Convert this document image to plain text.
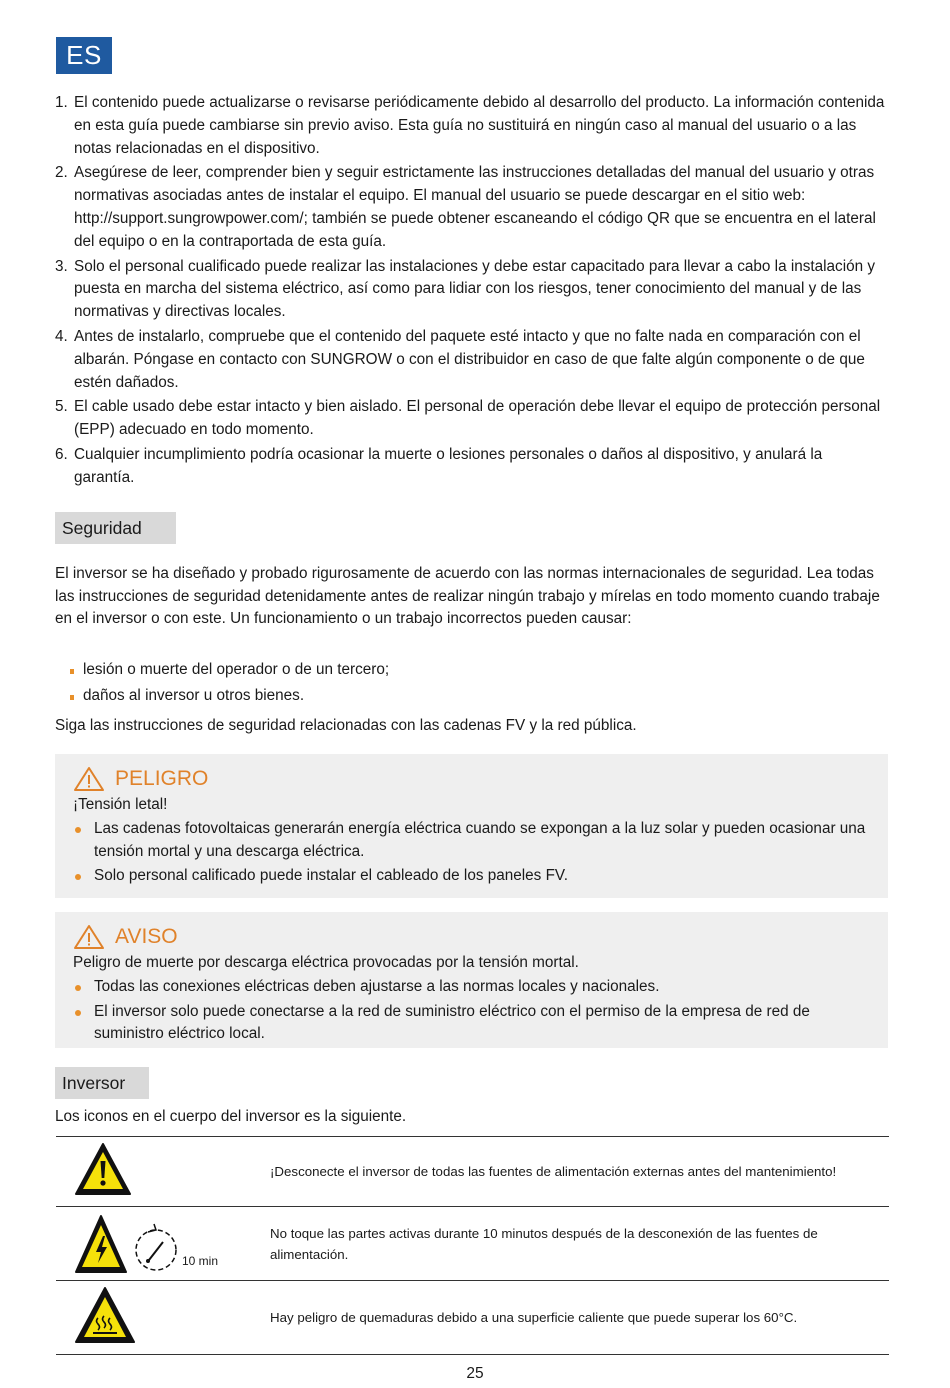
ES
1. El contenido puede actualizarse o revisarse periódicamente debido al desarrollo del producto. La información contenida en esta guía puede cambiarse sin previo aviso. Esta guía no sustituirá en ningún caso al manual del usuario o a las notas relacionadas en el dispositivo.
2. Asegúrese de leer, comprender bien y seguir estrictamente las instrucciones detalladas del manual del usuario y otras normativas asociadas antes de instalar el equipo. El manual del usuario se puede descargar en el sitio web: http://support.sungrowpower.com/; también se puede obtener escaneando el código QR que se encuentra en el lateral del equipo o en la contraportada de esta guía.
3. Solo el personal cualificado puede realizar las instalaciones y debe estar capacitado para llevar a cabo la instalación y puesta en marcha del sistema eléctrico, así como para lidiar con los riesgos, tener conocimiento del manual y de las normativas y directivas locales.
4. Antes de instalarlo, compruebe que el contenido del paquete esté intacto y que no falte nada en comparación con el albarán. Póngase en contacto con SUNGROW o con el distribuidor en caso de que falte algún componente o de que estén dañados.
5. El cable usado debe estar intacto y bien aislado. El personal de operación debe llevar el equipo de protección personal (EPP) adecuado en todo momento.
6. Cualquier incumplimiento podría ocasionar la muerte o lesiones personales o daños al dispositivo, y anulará la garantía.
Seguridad

El inversor se ha diseñado y probado rigurosamente de acuerdo con las normas internacionales de seguridad. Lea todas las instrucciones de seguridad detenidamente antes de realizar ningún trabajo y mírelas en todo momento cuando trabaje en el inversor o con este. Un funcionamiento o un trabajo incorrectos pueden causar:

lesión o muerte del operador o de un tercero;
daños al inversor u otros bienes.

Siga las instrucciones de seguridad relacionadas con las cadenas FV y la red pública.

PELIGRO
¡Tensión letal!
Las cadenas fotovoltaicas generarán energía eléctrica cuando se expongan a la luz solar y pueden ocasionar una tensión mortal y una descarga eléctrica.
Solo personal calificado puede instalar el cableado de los paneles FV.
AVISO
Peligro de muerte por descarga eléctrica provocadas por la tensión mortal.
Todas las conexiones eléctricas deben ajustarse a las normas locales y nacionales.
El inversor solo puede conectarse a la red de suministro eléctrico con el permiso de la empresa de red de suministro eléctrico local.
Inversor

Los iconos en el cuerpo del inversor es la siguiente.

	¡Desconecte el inversor de todas las fuentes de alimentación externas antes del mantenimiento!

10 min	No toque las partes activas durante 10 minutos después de la desconexión de las fuentes de alimentación.
	Hay peligro de quemaduras debido a una superficie caliente que puede superar los 60°C.
25
